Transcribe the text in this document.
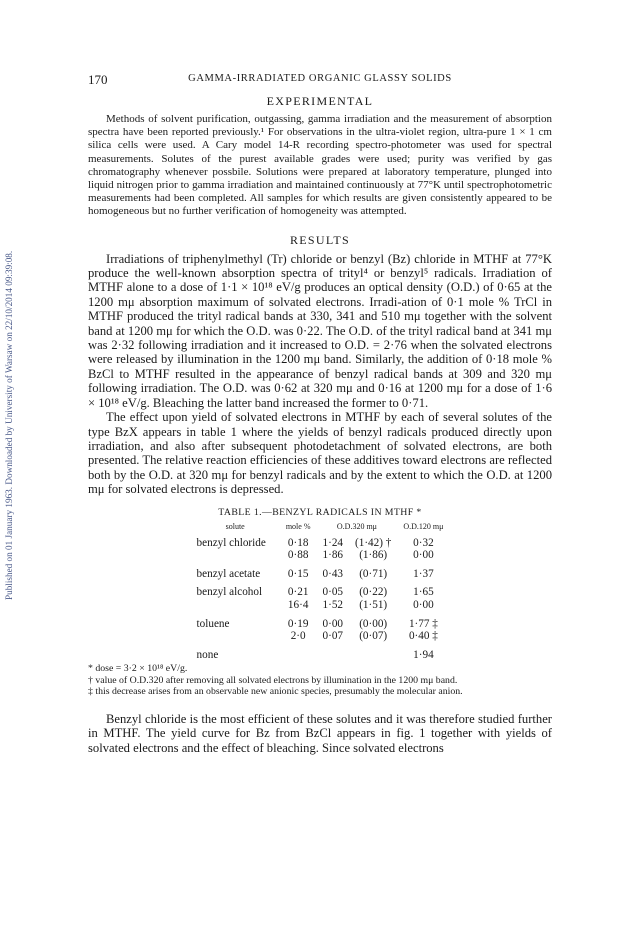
Published on 01 January 1963. Downloaded by University of Warsaw on 22/10/2014 09:39:08.
170	GAMMA-IRRADIATED ORGANIC GLASSY SOLIDS
EXPERIMENTAL

Methods of solvent purification, outgassing, gamma irradiation and the measurement of absorption spectra have been reported previously.¹ For observations in the ultra-violet region, ultra-pure 1 × 1 cm silica cells were used. A Cary model 14-R recording spectro-photometer was used for spectral measurements. Solutes of the purest available grades were used; purity was verified by gas chromatography whenever possbile. Solutions were prepared at laboratory temperature, plunged into liquid nitrogen prior to gamma irradiation and maintained continuously at 77°K until spectrophotometric measurements had been completed. All samples for which results are given consistently appeared to be homogeneous but no further verification of homogeneity was attempted.

RESULTS

Irradiations of triphenylmethyl (Tr) chloride or benzyl (Bz) chloride in MTHF at 77°K produce the well-known absorption spectra of trityl⁴ or benzyl⁵ radicals. Irradiation of MTHF alone to a dose of 1·1 × 10¹⁸ eV/g produces an optical density (O.D.) of 0·65 at the 1200 mμ absorption maximum of solvated electrons. Irradi-ation of 0·1 mole % TrCl in MTHF produced the trityl radical bands at 330, 341 and 510 mμ together with the solvent band at 1200 mμ for which the O.D. was 0·22. The O.D. of the trityl radical band at 341 mμ was 2·32 following irradiation and it increased to O.D. = 2·76 when the solvated electrons were released by illumination in the 1200 mμ band. Similarly, the addition of 0·18 mole % BzCl to MTHF resulted in the appearance of benzyl radical bands at 309 and 320 mμ following irradiation. The O.D. was 0·62 at 320 mμ and 0·16 at 1200 mμ for a dose of 1·6 × 10¹⁸ eV/g. Bleaching the latter band increased the former to 0·71.

The effect upon yield of solvated electrons in MTHF by each of several solutes of the type BzX appears in table 1 where the yields of benzyl radicals produced directly upon irradiation, and also after subsequent photodetachment of solvated electrons, are both presented. The relative reaction efficiencies of these additives toward electrons are reflected both by the O.D. at 320 mμ for benzyl radicals and by the extent to which the O.D. at 1200 mμ for solvated electrons is depressed.

TABLE 1.—BENZYL RADICALS IN MTHF *
solute	mole %	O.D.320 mμ		O.D.120 mμ
benzyl chloride	0·18	1·24	(1·42) †	0·32
	0·88	1·86	(1·86)	0·00
benzyl acetate	0·15	0·43	(0·71)	1·37
benzyl alcohol	0·21	0·05	(0·22)	1·65
	16·4	1·52	(1·51)	0·00
toluene	0·19	0·00	(0·00)	1·77 ‡
	2·0	0·07	(0·07)	0·40 ‡
none				1·94
* dose = 3·2 × 10¹⁸ eV/g.
† value of O.D.320 after removing all solvated electrons by illumination in the 1200 mμ band.
‡ this decrease arises from an observable new anionic species, presumably the molecular anion.

Benzyl chloride is the most efficient of these solutes and it was therefore studied further in MTHF. The yield curve for Bz from BzCl appears in fig. 1 together with yields of solvated electrons and the effect of bleaching. Since solvated electrons
